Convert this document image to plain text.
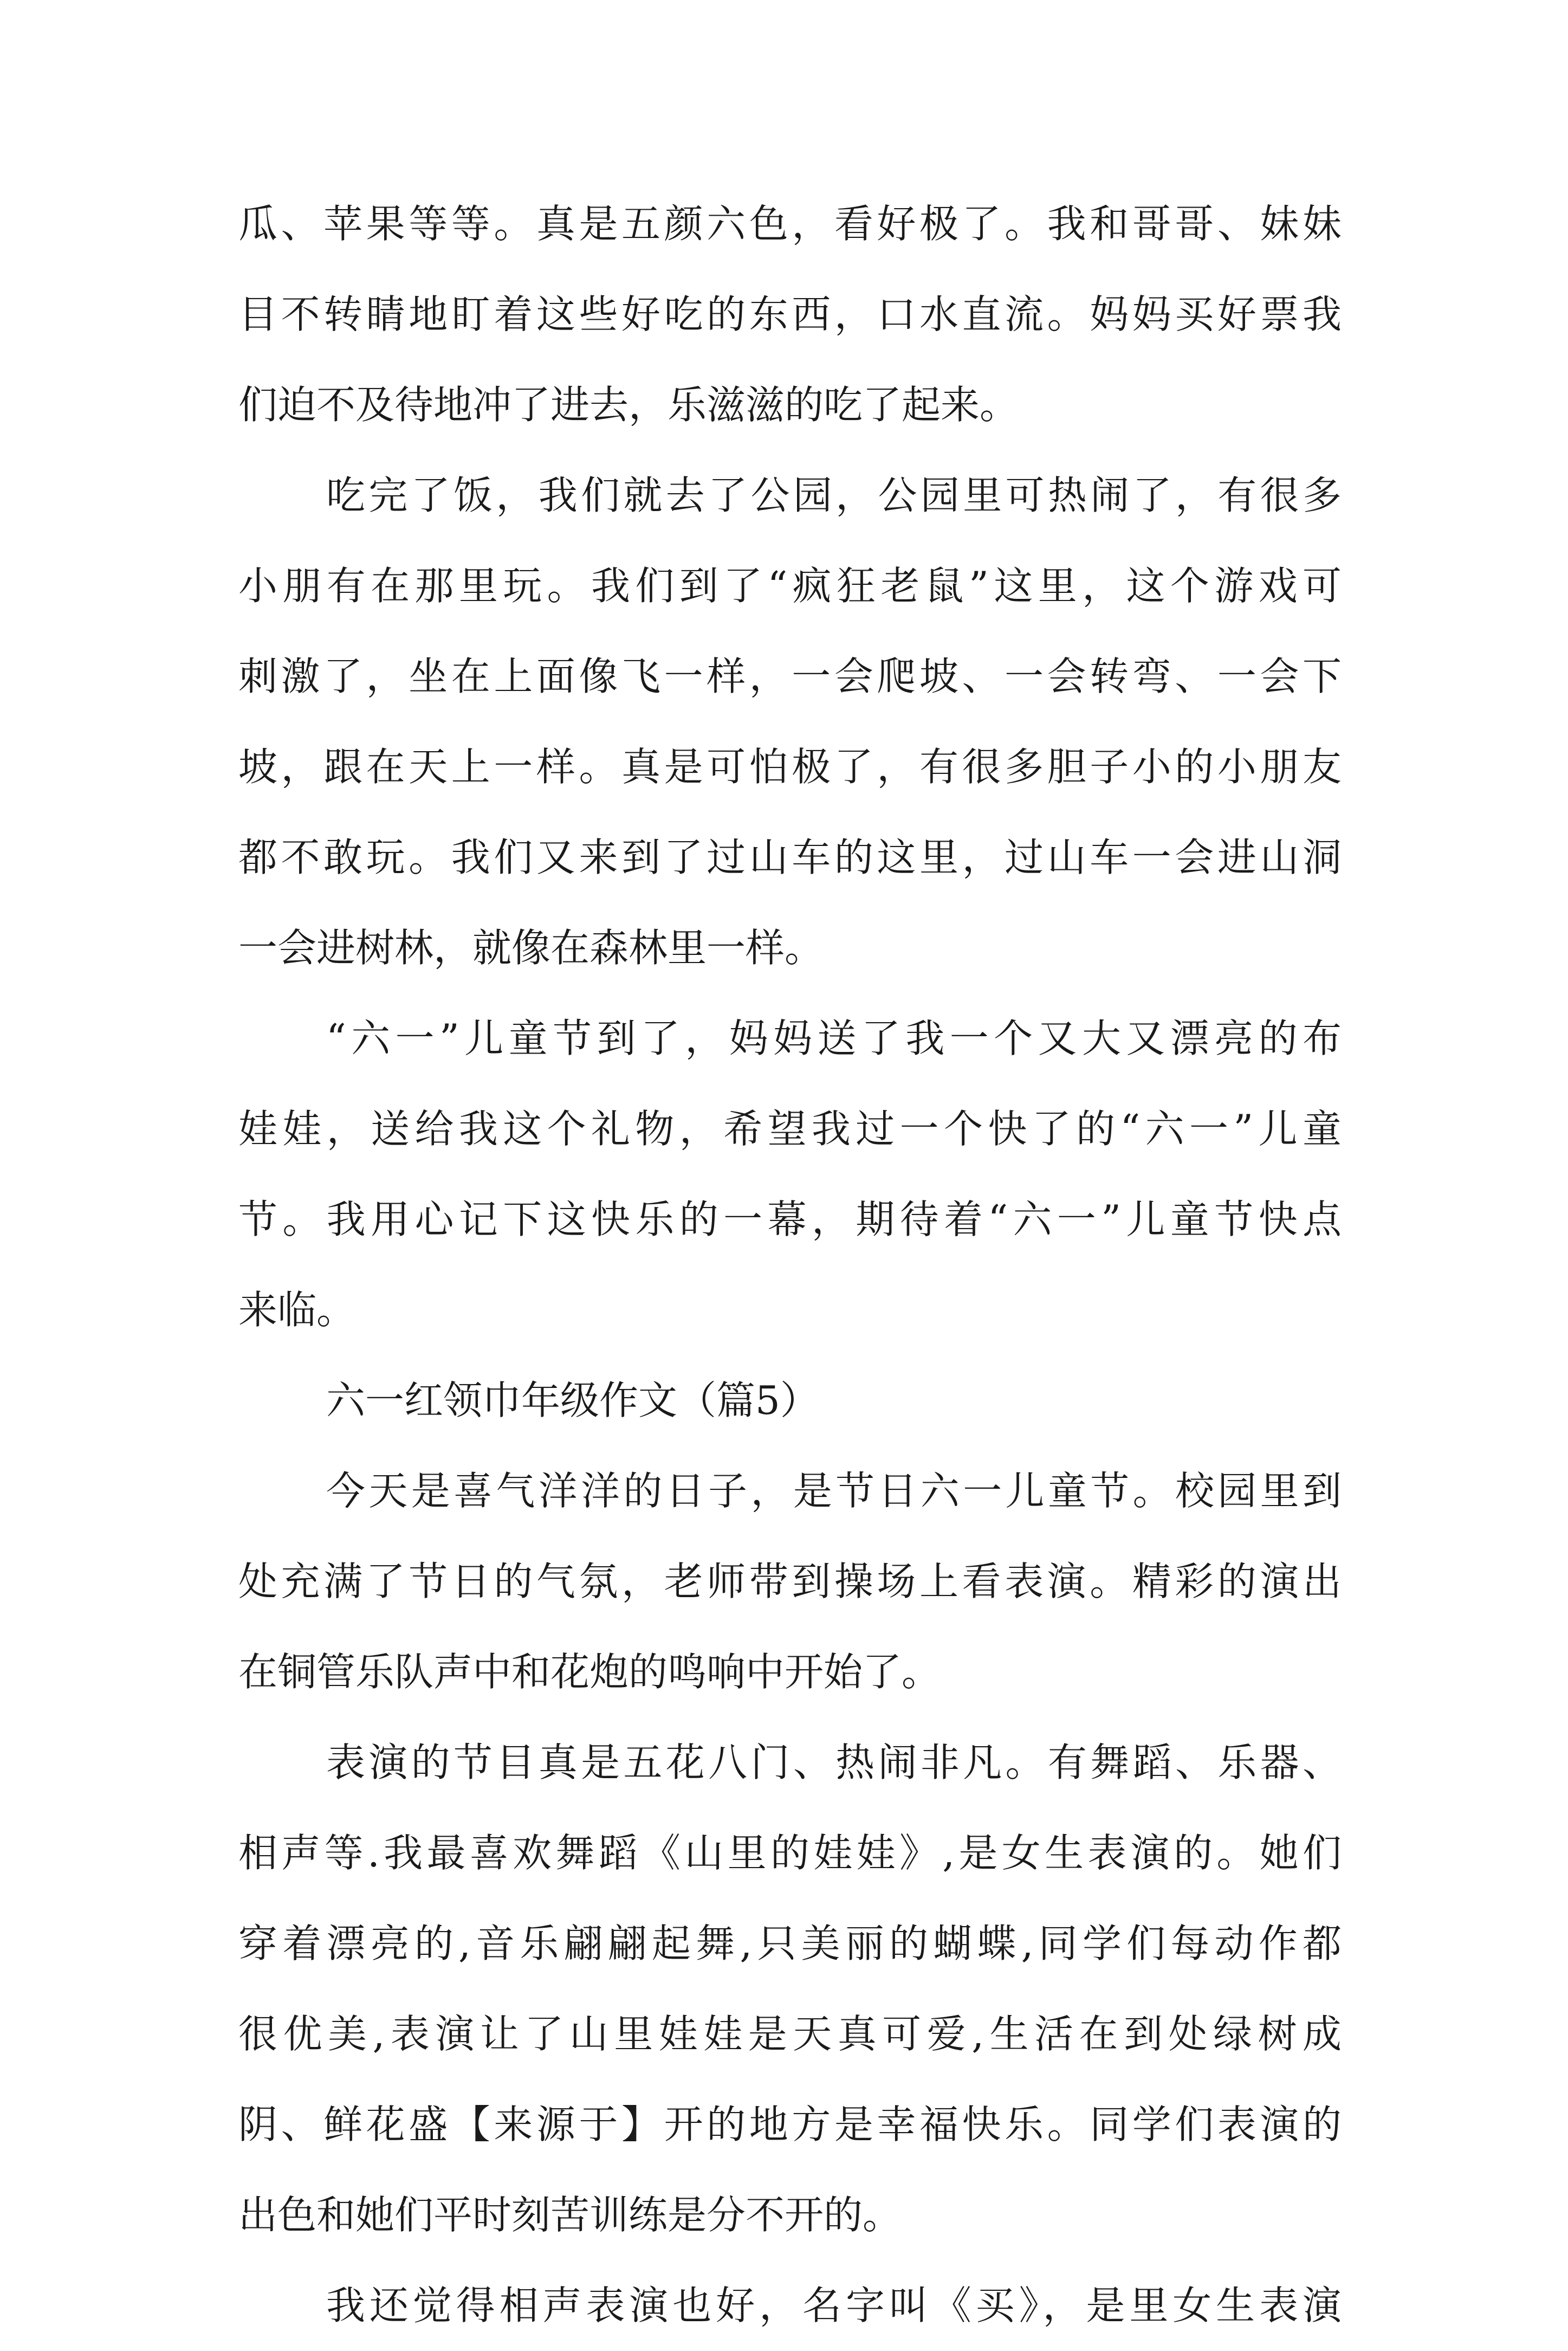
瓜、苹果等等。真是五颜六色，看好极了。我和哥哥、妹妹
目不转睛地盯着这些好吃的东西，口水直流。妈妈买好票我
们迫不及待地冲了进去，乐滋滋的吃了起来。

吃完了饭，我们就去了公园，公园里可热闹了，有很多
小朋有在那里玩。我们到了“疯狂老鼠”这里，这个游戏可
刺激了，坐在上面像飞一样，一会爬坡、一会转弯、一会下
坡，跟在天上一样。真是可怕极了，有很多胆子小的小朋友
都不敢玩。我们又来到了过山车的这里，过山车一会进山洞
一会进树林，就像在森林里一样。

“六一”儿童节到了，妈妈送了我一个又大又漂亮的布
娃娃，送给我这个礼物，希望我过一个快了的“六一”儿童
节。我用心记下这快乐的一幕，期待着“六一”儿童节快点
来临。

六一红领巾年级作文（篇5）

今天是喜气洋洋的日子，是节日六一儿童节。校园里到
处充满了节日的气氛，老师带到操场上看表演。精彩的演出
在铜管乐队声中和花炮的鸣响中开始了。

表演的节目真是五花八门、热闹非凡。有舞蹈、乐器、
相声等.我最喜欢舞蹈《山里的娃娃》,是女生表演的。她们
穿着漂亮的,音乐翩翩起舞,只美丽的蝴蝶,同学们每动作都
很优美,表演让了山里娃娃是天真可爱,生活在到处绿树成
阴、鲜花盛【来源于】开的地方是幸福快乐。同学们表演的
出色和她们平时刻苦训练是分不开的。

我还觉得相声表演也好，名字叫《买》，是里女生表演
